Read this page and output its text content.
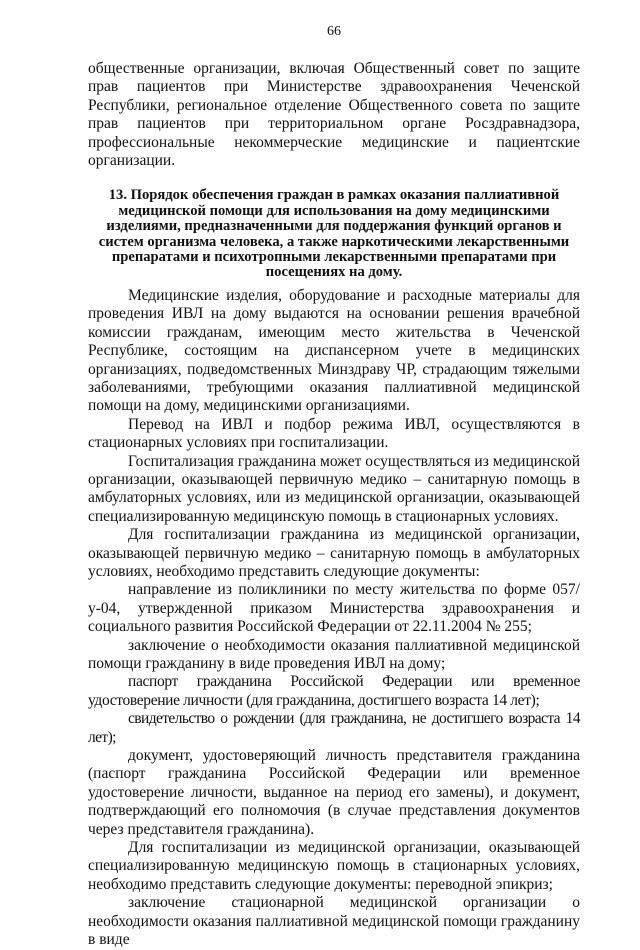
66

общественные организации, включая Общественный совет по защите прав пациентов при Министерстве здравоохранения Чеченской Республики, региональное отделение Общественного совета по защите прав пациентов при территориальном органе Росздравнадзора, профессиональные некоммерческие медицинские и пациентские организации.

13. Порядок обеспечения граждан в рамках оказания паллиативной медицинской помощи для использования на дому медицинскими изделиями, предназначенными для поддержания функций органов и систем организма человека, а также наркотическими лекарственными препаратами и психотропными лекарственными препаратами при посещениях на дому.

Медицинские изделия, оборудование и расходные материалы для проведения ИВЛ на дому выдаются на основании решения врачебной комиссии гражданам, имеющим место жительства в Чеченской Республике, состоящим на диспансерном учете в медицинских организациях, подведомственных Минздраву ЧР, страдающим тяжелыми заболеваниями, требующими оказания паллиативной медицинской помощи на дому, медицинскими организациями.

Перевод на ИВЛ и подбор режима ИВЛ, осуществляются в стационарных условиях при госпитализации.

Госпитализация гражданина может осуществляться из медицинской организации, оказывающей первичную медико – санитарную помощь в амбулаторных условиях, или из медицинской организации, оказывающей специализированную медицинскую помощь в стационарных условиях.

Для госпитализации гражданина из медицинской организации, оказывающей первичную медико – санитарную помощь в амбулаторных условиях, необходимо представить следующие документы:

направление из поликлиники по месту жительства по форме 057/у-04, утвержденной приказом Министерства здравоохранения и социального развития Российской Федерации от 22.11.2004 № 255;

заключение о необходимости оказания паллиативной медицинской помощи гражданину в виде проведения ИВЛ на дому;

паспорт гражданина Российской Федерации или временное удостоверение личности (для гражданина, достигшего возраста 14 лет);

свидетельство о рождении (для гражданина, не достигшего возраста 14 лет);

документ, удостоверяющий личность представителя гражданина (паспорт гражданина Российской Федерации или временное удостоверение личности, выданное на период его замены), и документ, подтверждающий его полномочия (в случае представления документов через представителя гражданина).

Для госпитализации из медицинской организации, оказывающей специализированную медицинскую помощь в стационарных условиях, необходимо представить следующие документы: переводной эпикриз;

заключение стационарной медицинской организации о необходимости оказания паллиативной медицинской помощи гражданину в виде
